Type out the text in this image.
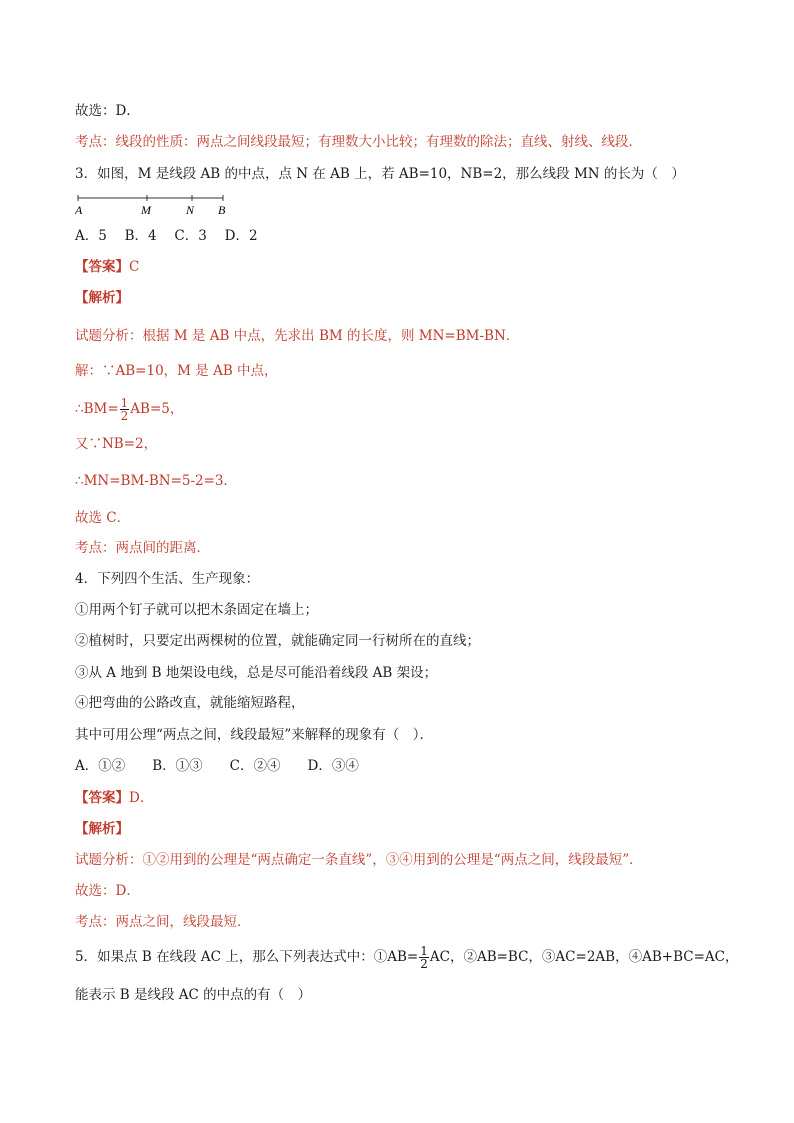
故选：D．
考点：线段的性质：两点之间线段最短；有理数大小比较；有理数的除法；直线、射线、线段．
3．如图，M 是线段 AB 的中点，点 N 在 AB 上，若 AB=10，NB=2，那么线段 MN 的长为（　）
A	M	N B
A．5　 B．4　 C．3　 D．2
【答案】C
【解析】
试题分析：根据 M 是 AB 中点，先求出 BM 的长度，则 MN=BM-BN．
解：∵AB=10，M 是 AB 中点，
∴BM= $\frac{1}{2} AB=5$，
又∵NB=2，
∴MN=BM-BN=5-2=3．
故选 C．
考点：两点间的距离．
4．下列四个生活、生产现象：
①用两个钉子就可以把木条固定在墙上；
②植树时，只要定出两棵树的位置，就能确定同一行树所在的直线；
③从 A 地到 B 地架设电线，总是尽可能沿着线段 AB 架设；
④把弯曲的公路改直，就能缩短路程，
其中可用公理“两点之间，线段最短”来解释的现象有（　）．
A．①②　　B．①③　　C．②④　　D．③④
【答案】D．
【解析】
试题分析：①②用到的公理是“两点确定一条直线”，③④用到的公理是“两点之间，线段最短”．
故选：D．
考点：两点之间，线段最短．
5．如果点 B 在线段 AC 上，那么下列表达式中：①AB= $\frac{1}{2}$ AC，②AB=BC，③AC=2AB，④AB+BC=AC，
能表示 B 是线段 AC 的中点的有（　）
